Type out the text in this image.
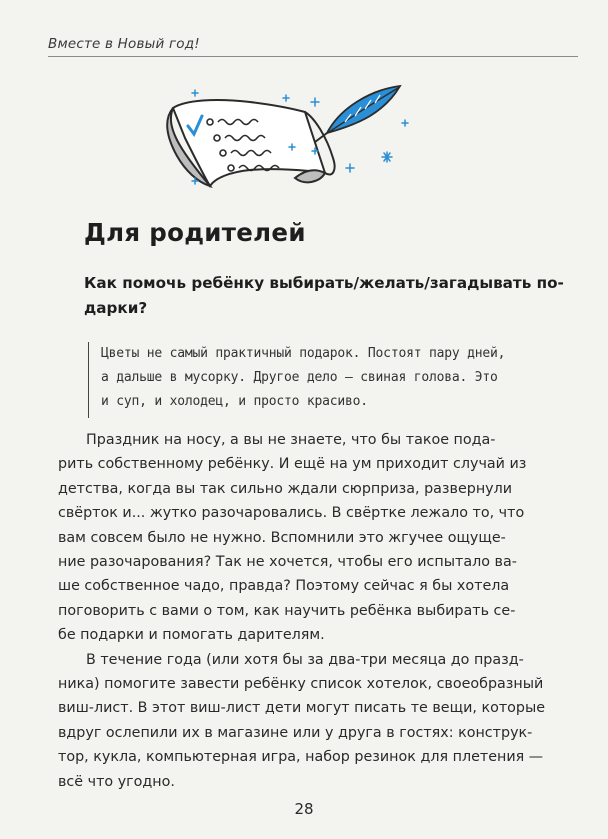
Вместе в Новый год!
Для родителей
Как помочь ребёнку выбирать/желать/загадывать по-
дарки?
Цветы не самый практичный подарок. Постоят пару дней,
а дальше в мусорку. Другое дело — свиная голова. Это
и суп, и холодец, и просто красиво.
Праздник на носу, а вы не знаете, что бы такое пода-
рить собственному ребёнку. И ещё на ум приходит случай из
детства, когда вы так сильно ждали сюрприза, развернули
свёрток и... жутко разочаровались. В свёртке лежало то, что
вам совсем было не нужно. Вспомнили это жгучее ощуще-
ние разочарования? Так не хочется, чтобы его испытало ва-
ше собственное чадо, правда? Поэтому сейчас я бы хотела
поговорить с вами о том, как научить ребёнка выбирать се-
бе подарки и помогать дарителям.
В течение года (или хотя бы за два-три месяца до празд-
ника) помогите завести ребёнку список хотелок, своеобразный
виш-лист. В этот виш-лист дети могут писать те вещи, которые
вдруг ослепили их в магазине или у друга в гостях: конструк-
тор, кукла, компьютерная игра, набор резинок для плетения —
всё что угодно.
28
